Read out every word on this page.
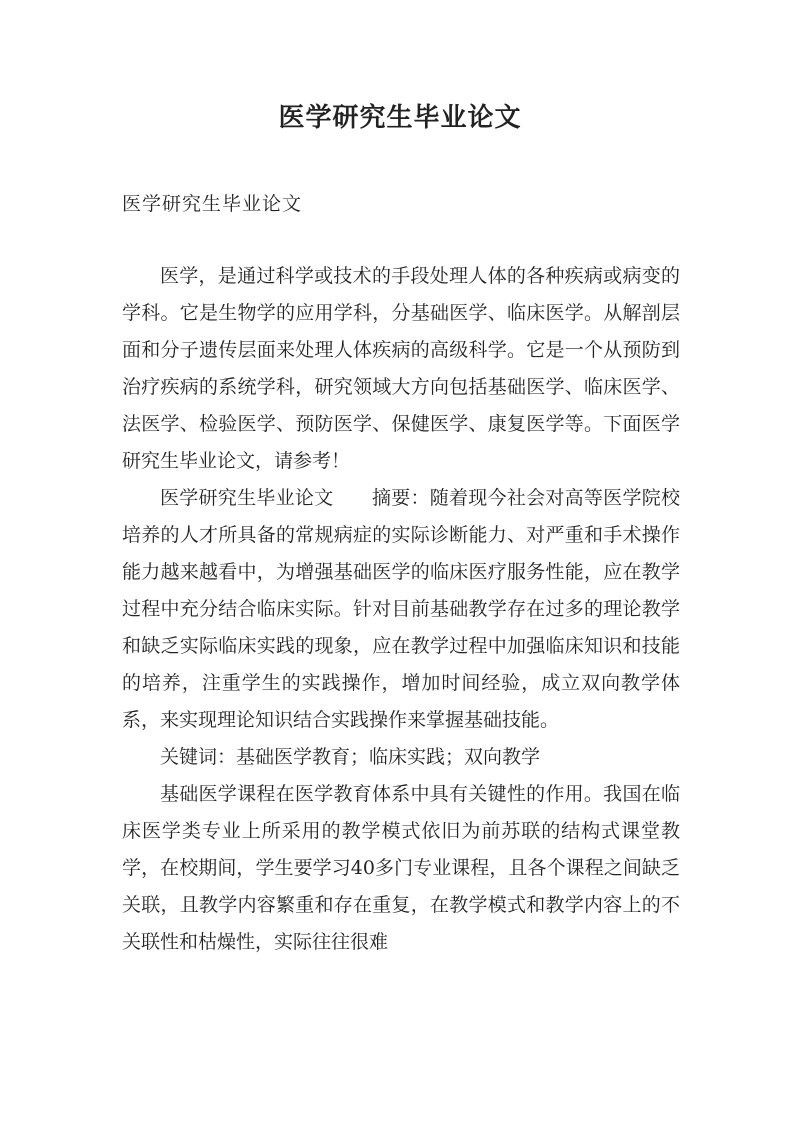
医学研究生毕业论文
医学研究生毕业论文

医学，是通过科学或技术的手段处理人体的各种疾病或病变的学科。它是生物学的应用学科，分基础医学、临床医学。从解剖层面和分子遗传层面来处理人体疾病的高级科学。它是一个从预防到治疗疾病的系统学科，研究领域大方向包括基础医学、临床医学、法医学、检验医学、预防医学、保健医学、康复医学等。下面医学研究生毕业论文，请参考！

医学研究生毕业论文　　摘要：随着现今社会对高等医学院校培养的人才所具备的常规病症的实际诊断能力、对严重和手术操作能力越来越看中，为增强基础医学的临床医疗服务性能，应在教学过程中充分结合临床实际。针对目前基础教学存在过多的理论教学和缺乏实际临床实践的现象，应在教学过程中加强临床知识和技能的培养，注重学生的实践操作，增加时间经验，成立双向教学体系，来实现理论知识结合实践操作来掌握基础技能。

关键词：基础医学教育；临床实践；双向教学

基础医学课程在医学教育体系中具有关键性的作用。我国在临床医学类专业上所采用的教学模式依旧为前苏联的结构式课堂教学，在校期间，学生要学习40多门专业课程，且各个课程之间缺乏关联，且教学内容繁重和存在重复，在教学模式和教学内容上的不关联性和枯燥性，实际往往很难
